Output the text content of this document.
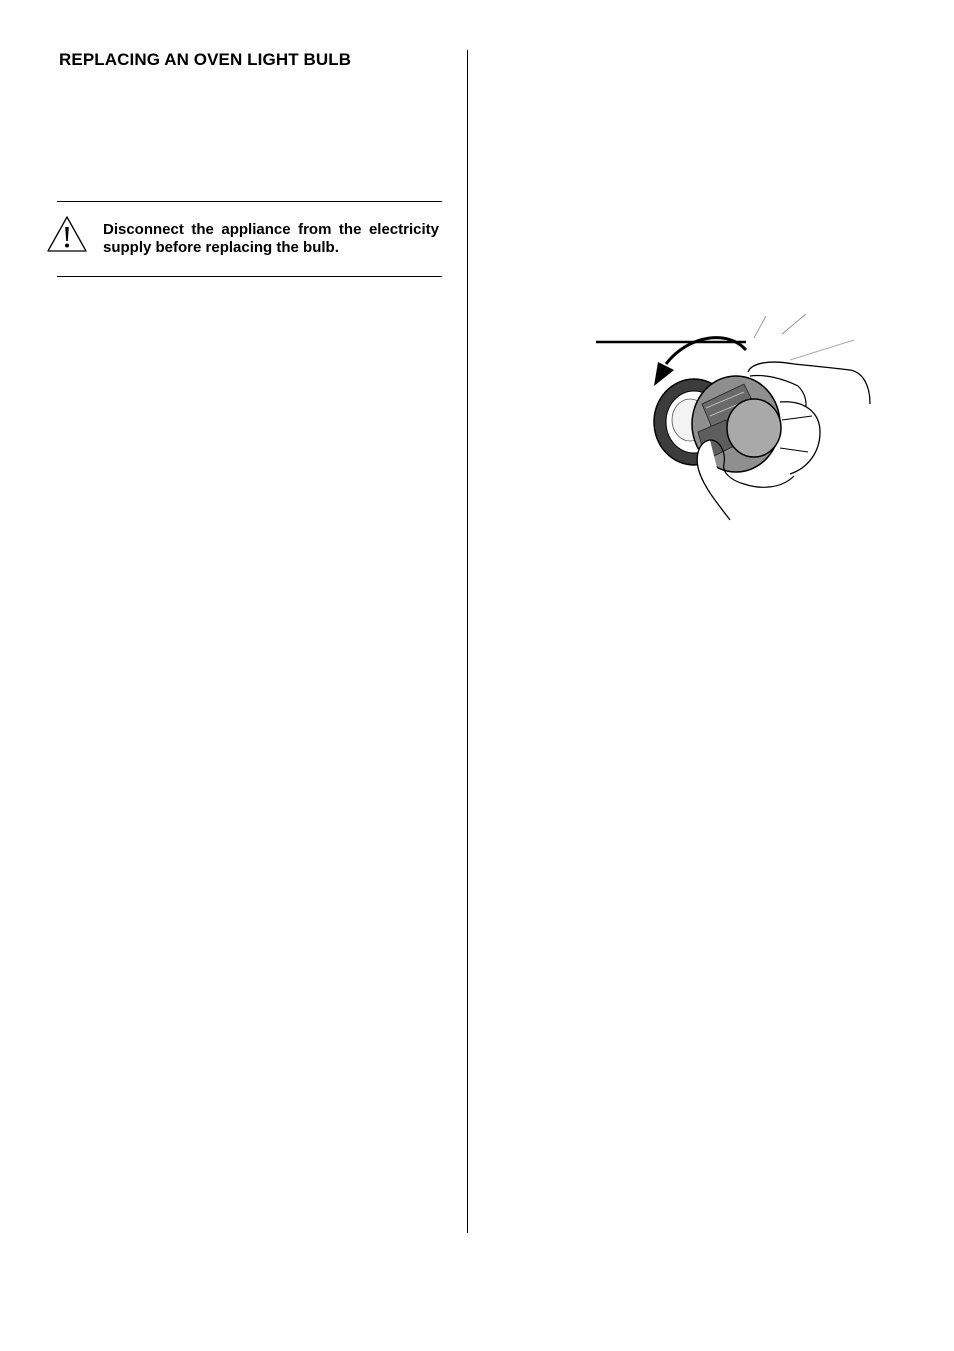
REPLACING AN OVEN LIGHT BULB

Disconnect the appliance from the electricity supply before replacing the bulb.
